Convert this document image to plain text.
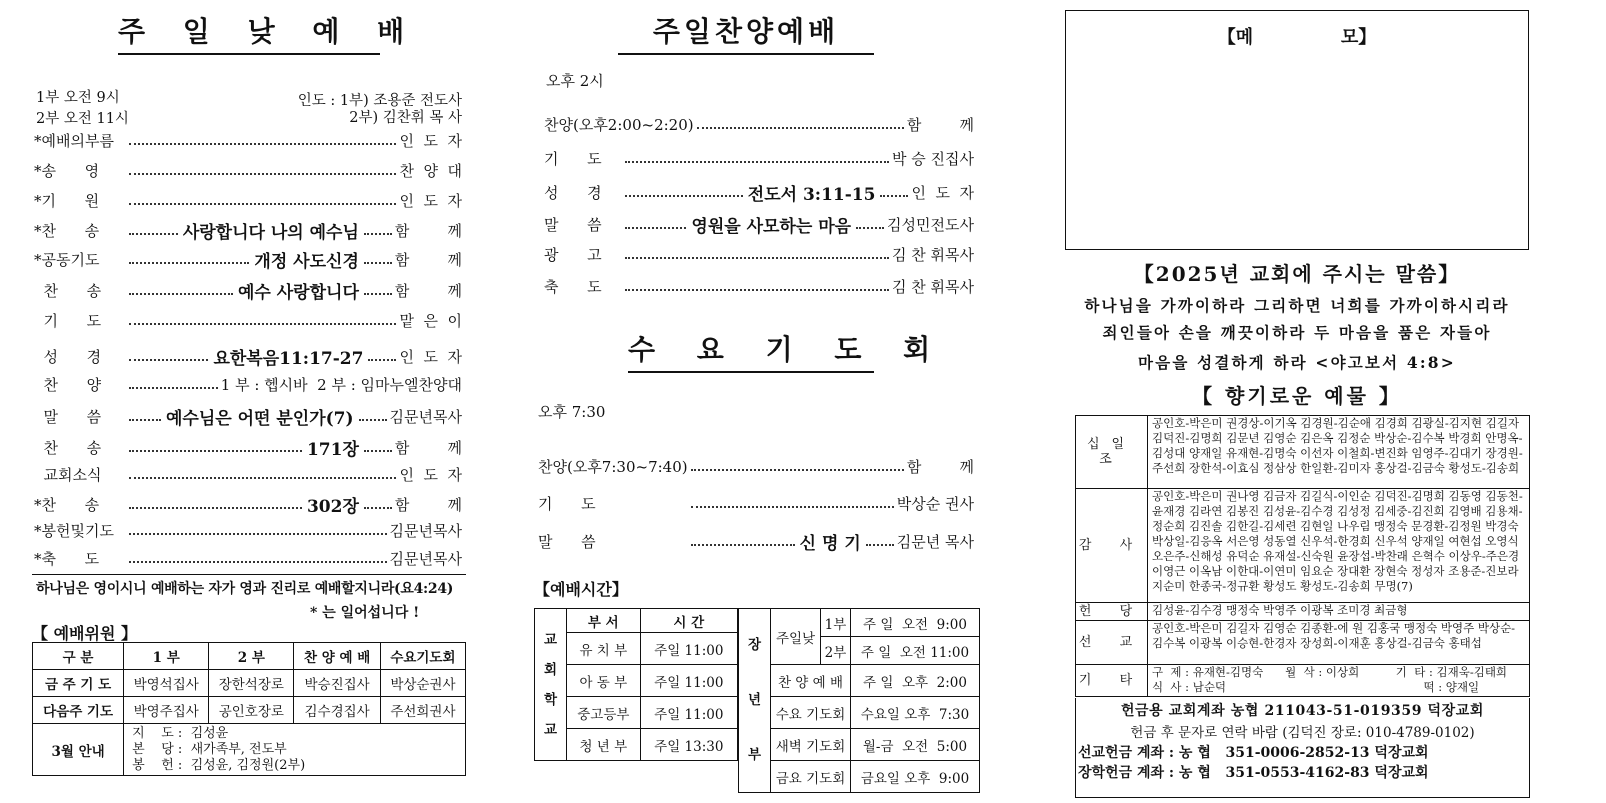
주 일 낮 예 배
1부 오전 9시
2부 오전 11시
인도 : 1부) 조용준 전도사
2부) 김찬휘 목 사
*예배의부름	인  도  자
*송      영	찬  양  대
*기      원	인  도  자
*찬      송	사랑합니다 나의 예수님 함        께
*공동기도	개정 사도신경 함        께
찬      송	예수 사랑합니다 함        께
기      도	맡  은  이
성      경	요한복음11:17-27 인  도  자
찬      양	1 부 : 헵시바  2 부 : 임마누엘찬양대
말      씀	예수님은 어떤 분인가(7) 김문년목사
찬      송	171장 함        께
교회소식	인  도  자
*찬      송	302장 함        께
*봉헌및기도	김문년목사
*축      도	김문년목사
하나님은 영이시니 예배하는 자가 영과 진리로 예배할지니라(요4:24)
* 는 일어섭니다 !
【 예배위원 】
구 분	1 부	2 부	찬 양 예 배	수요기도회
금 주 기 도	박영석집사	장한석장로	박승진집사	박상순권사
다음주 기도	박영주집사	공인호장로	김수경집사	주선희권사
3월 안내	지    도 :  김성윤
본    당 :  새가족부, 전도부
봉    헌 :  김성윤, 김정원(2부)			
주일찬양예배
오후 2시
찬양(오후2:00~2:20)	함        께
기      도	박 승 진집사
성      경	전도서 3:11-15 인  도  자
말      씀	영원을 사모하는 마음 김성민전도사
광      고	김 찬 휘목사
축      도	김 찬 휘목사
수 요 기 도 회
오후 7:30
찬양(오후7:30~7:40)	함        께
기      도	박상순 권사
말      씀	신 명 기 김문년 목사
【예배시간】
교
회
학
교	부 서	시 간
	유 치 부	주일 11:00
	아 동 부	주일 11:00
	중고등부	주일 11:00
	청 년 부	주일 13:30
장
년
부	주일낮	1부	주 일  오전  9:00
		2부	주 일  오전 11:00
	찬 양 예 배		주 일  오후  2:00
	수요 기도회		수요일 오후  7:30
	새벽 기도회		월-금  오전  5:00
	금요 기도회		금요일 오후  9:00
【메              모】
【2025년 교회에 주시는 말씀】
하나님을 가까이하라 그리하면 너희를 가까이하시리라
죄인들아 손을 깨끗이하라 두 마음을 품은 자들아
마음을 성결하게 하라 <야고보서 4:8>
【 향기로운 예물 】
십일조	공인호-박은미 권경상-이기옥 김경원-김순애 김경희 김광실-김지현 김길자 김덕진-김명희 김문년 김영순 김은옥 김정순 박상순-김수복 박경희 안명옥-김성대 양재일 유재현-김명숙 이선자 이철희-변진화 임영주-김대기 장경원-주선희 장한석-이효심 정삼상 한일환-김미자 홍상걸-김금숙 황성도-김송희
감 사	공인호-박은미 권나영 김금자 김길식-이인순 김덕진-김명희 김동영 김동천-윤재경 김라연 김봉진 김성윤-김수경 김성정 김세중-김진희 김영배 김용채-정순희 김진솔 김한길-김세련 김현일 나우림 맹정숙 문경환-김정원 박경숙 박상일-김응옥 서은영 성동열 신우석-한경희 신우석 양재일 여현섭 오영식 오은주-신해성 유덕순 유재설-신숙원 윤장섭-박찬래 은혁수 이상우-주은경 이영근 이옥남 이한대-이연미 임요순 장대환 장현숙 정성자 조용준-진보라 지순미 한종국-정규환 황성도 황성도-김송희 무명(7)
헌 당	김성윤-김수경 맹정숙 박영주 이광복 조미경 최금형
선 교	공인호-박은미 김길자 김영순 김종환-에 원 김홍국 맹정숙 박영주 박상순-김수복 이광복 이승현-한경자 장성희-이재훈 홍상걸-김금숙 홍태섭
기 타	구  제 : 유재현-김명숙      월  삭 : 이상희          기  타 : 김재욱-김태희
식  사 : 남순덕                                                      떡 : 양재일
헌금용 교회계좌 농협 211043-51-019359 덕장교회
헌금 후 문자로 연락 바람 (김덕진 장로: 010-4789-0102)
선교헌금 계좌 : 농 협   351-0006-2852-13 덕장교회
장학헌금 계좌 : 농 협   351-0553-4162-83 덕장교회
